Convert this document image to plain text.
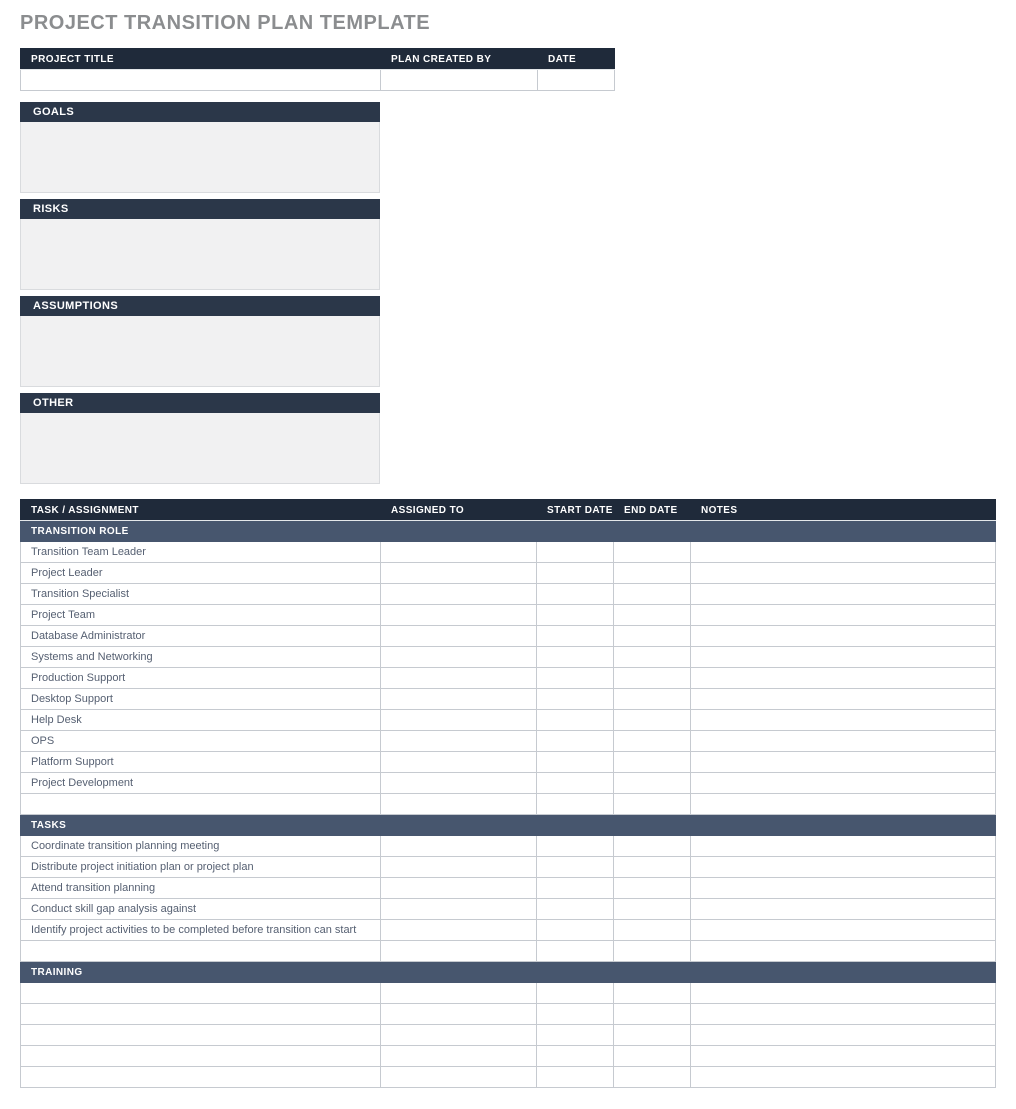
PROJECT TRANSITION PLAN TEMPLATE
PROJECT TITLE	PLAN CREATED BY	DATE

GOALS
RISKS
ASSUMPTIONS
OTHER
TASK / ASSIGNMENT	ASSIGNED TO	START DATE	END DATE	NOTES
TRANSITION ROLE				
Transition Team Leader				
Project Leader				
Transition Specialist				
Project Team				
Database Administrator				
Systems and Networking				
Production Support				
Desktop Support				
Help Desk				
OPS				
Platform Support				
Project Development				

TASKS				
Coordinate transition planning meeting				
Distribute project initiation plan or project plan				
Attend transition planning				
Conduct skill gap analysis against				
Identify project activities to be completed before transition can start				

TRAINING				
